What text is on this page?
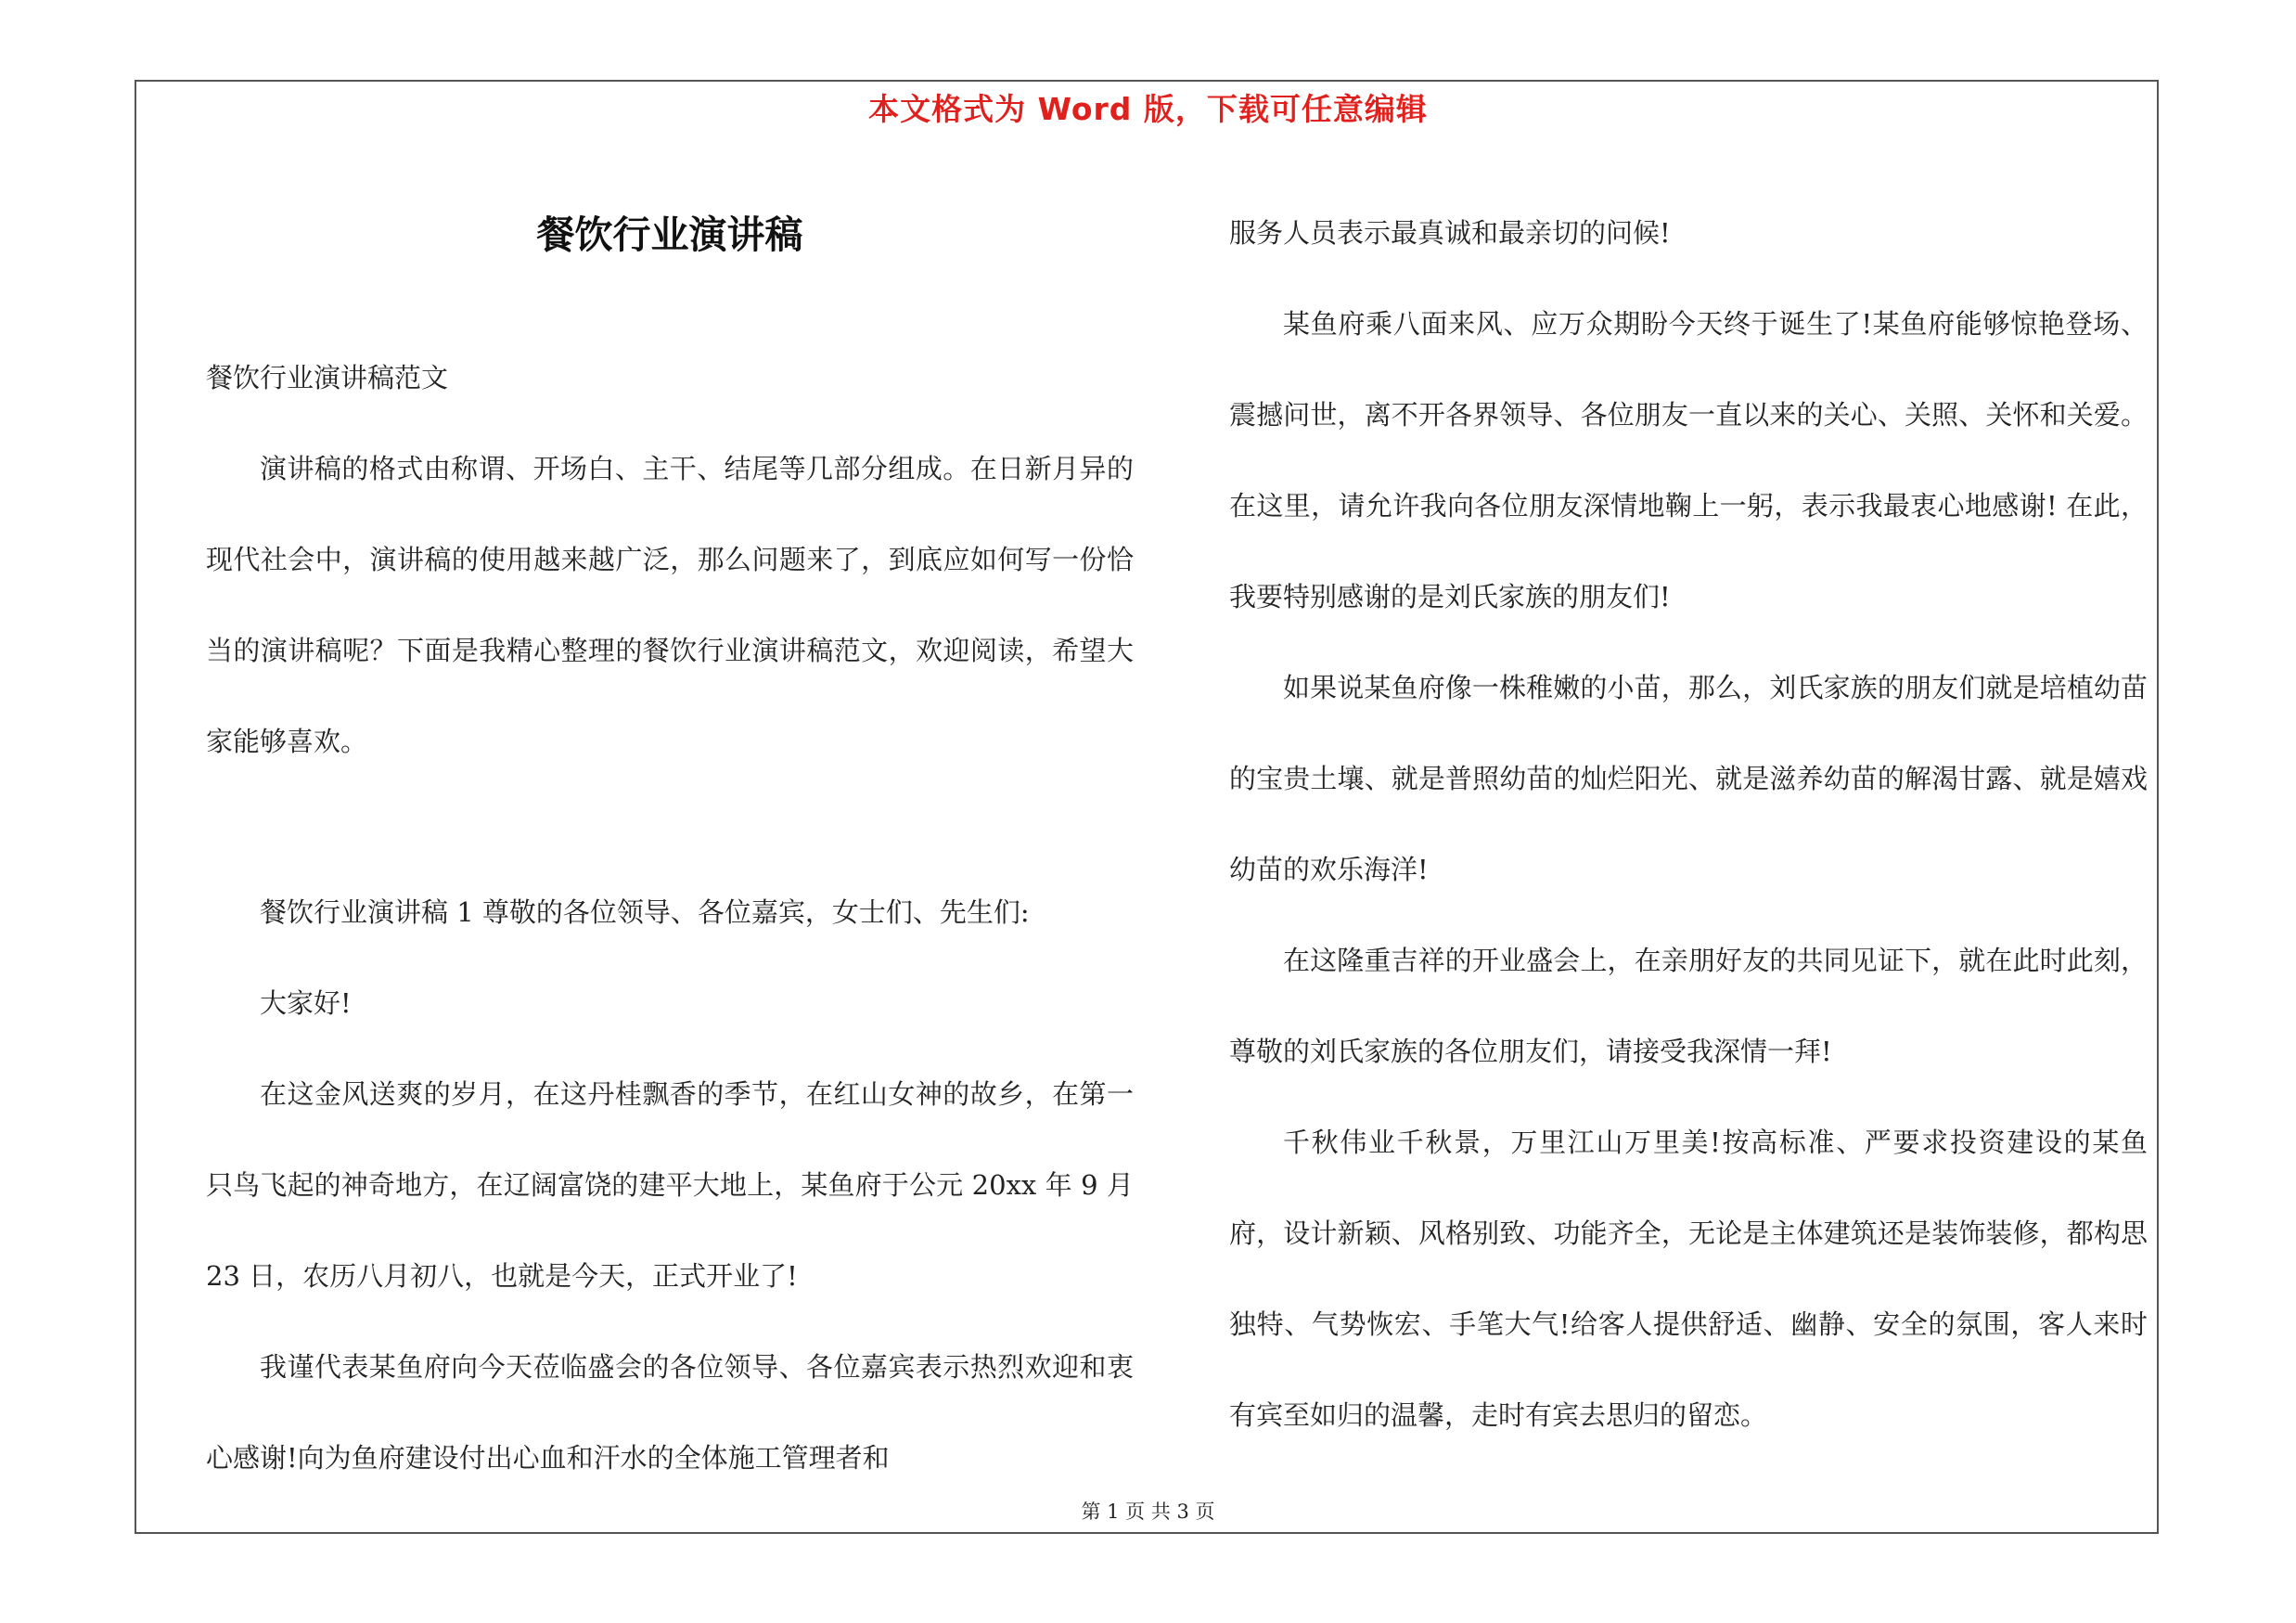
本文格式为 Word 版，下载可任意编辑
餐饮行业演讲稿

餐饮行业演讲稿范文

演讲稿的格式由称谓、开场白、主干、结尾等几部分组成。在日新月异的现代社会中，演讲稿的使用越来越广泛，那么问题来了，到底应如何写一份恰当的演讲稿呢？下面是我精心整理的餐饮行业演讲稿范文，欢迎阅读，希望大家能够喜欢。

餐饮行业演讲稿 1 尊敬的各位领导、各位嘉宾，女士们、先生们:

大家好!

在这金风送爽的岁月，在这丹桂飘香的季节，在红山女神的故乡，在第一只鸟飞起的神奇地方，在辽阔富饶的建平大地上，某鱼府于公元 20xx 年 9 月 23 日，农历八月初八，也就是今天，正式开业了!

我谨代表某鱼府向今天莅临盛会的各位领导、各位嘉宾表示热烈欢迎和衷心感谢!向为鱼府建设付出心血和汗水的全体施工管理者和

服务人员表示最真诚和最亲切的问候!

某鱼府乘八面来风、应万众期盼今天终于诞生了!某鱼府能够惊艳登场、震撼问世，离不开各界领导、各位朋友一直以来的关心、关照、关怀和关爱。在这里，请允许我向各位朋友深情地鞠上一躬，表示我最衷心地感谢! 在此，我要特别感谢的是刘氏家族的朋友们!

如果说某鱼府像一株稚嫩的小苗，那么，刘氏家族的朋友们就是培植幼苗的宝贵土壤、就是普照幼苗的灿烂阳光、就是滋养幼苗的解渴甘露、就是嬉戏幼苗的欢乐海洋!

在这隆重吉祥的开业盛会上，在亲朋好友的共同见证下，就在此时此刻，尊敬的刘氏家族的各位朋友们，请接受我深情一拜!

千秋伟业千秋景，万里江山万里美!按高标准、严要求投资建设的某鱼府，设计新颖、风格别致、功能齐全，无论是主体建筑还是装饰装修，都构思独特、气势恢宏、手笔大气!给客人提供舒适、幽静、安全的氛围，客人来时有宾至如归的温馨，走时有宾去思归的留恋。

第 1 页 共 3 页
